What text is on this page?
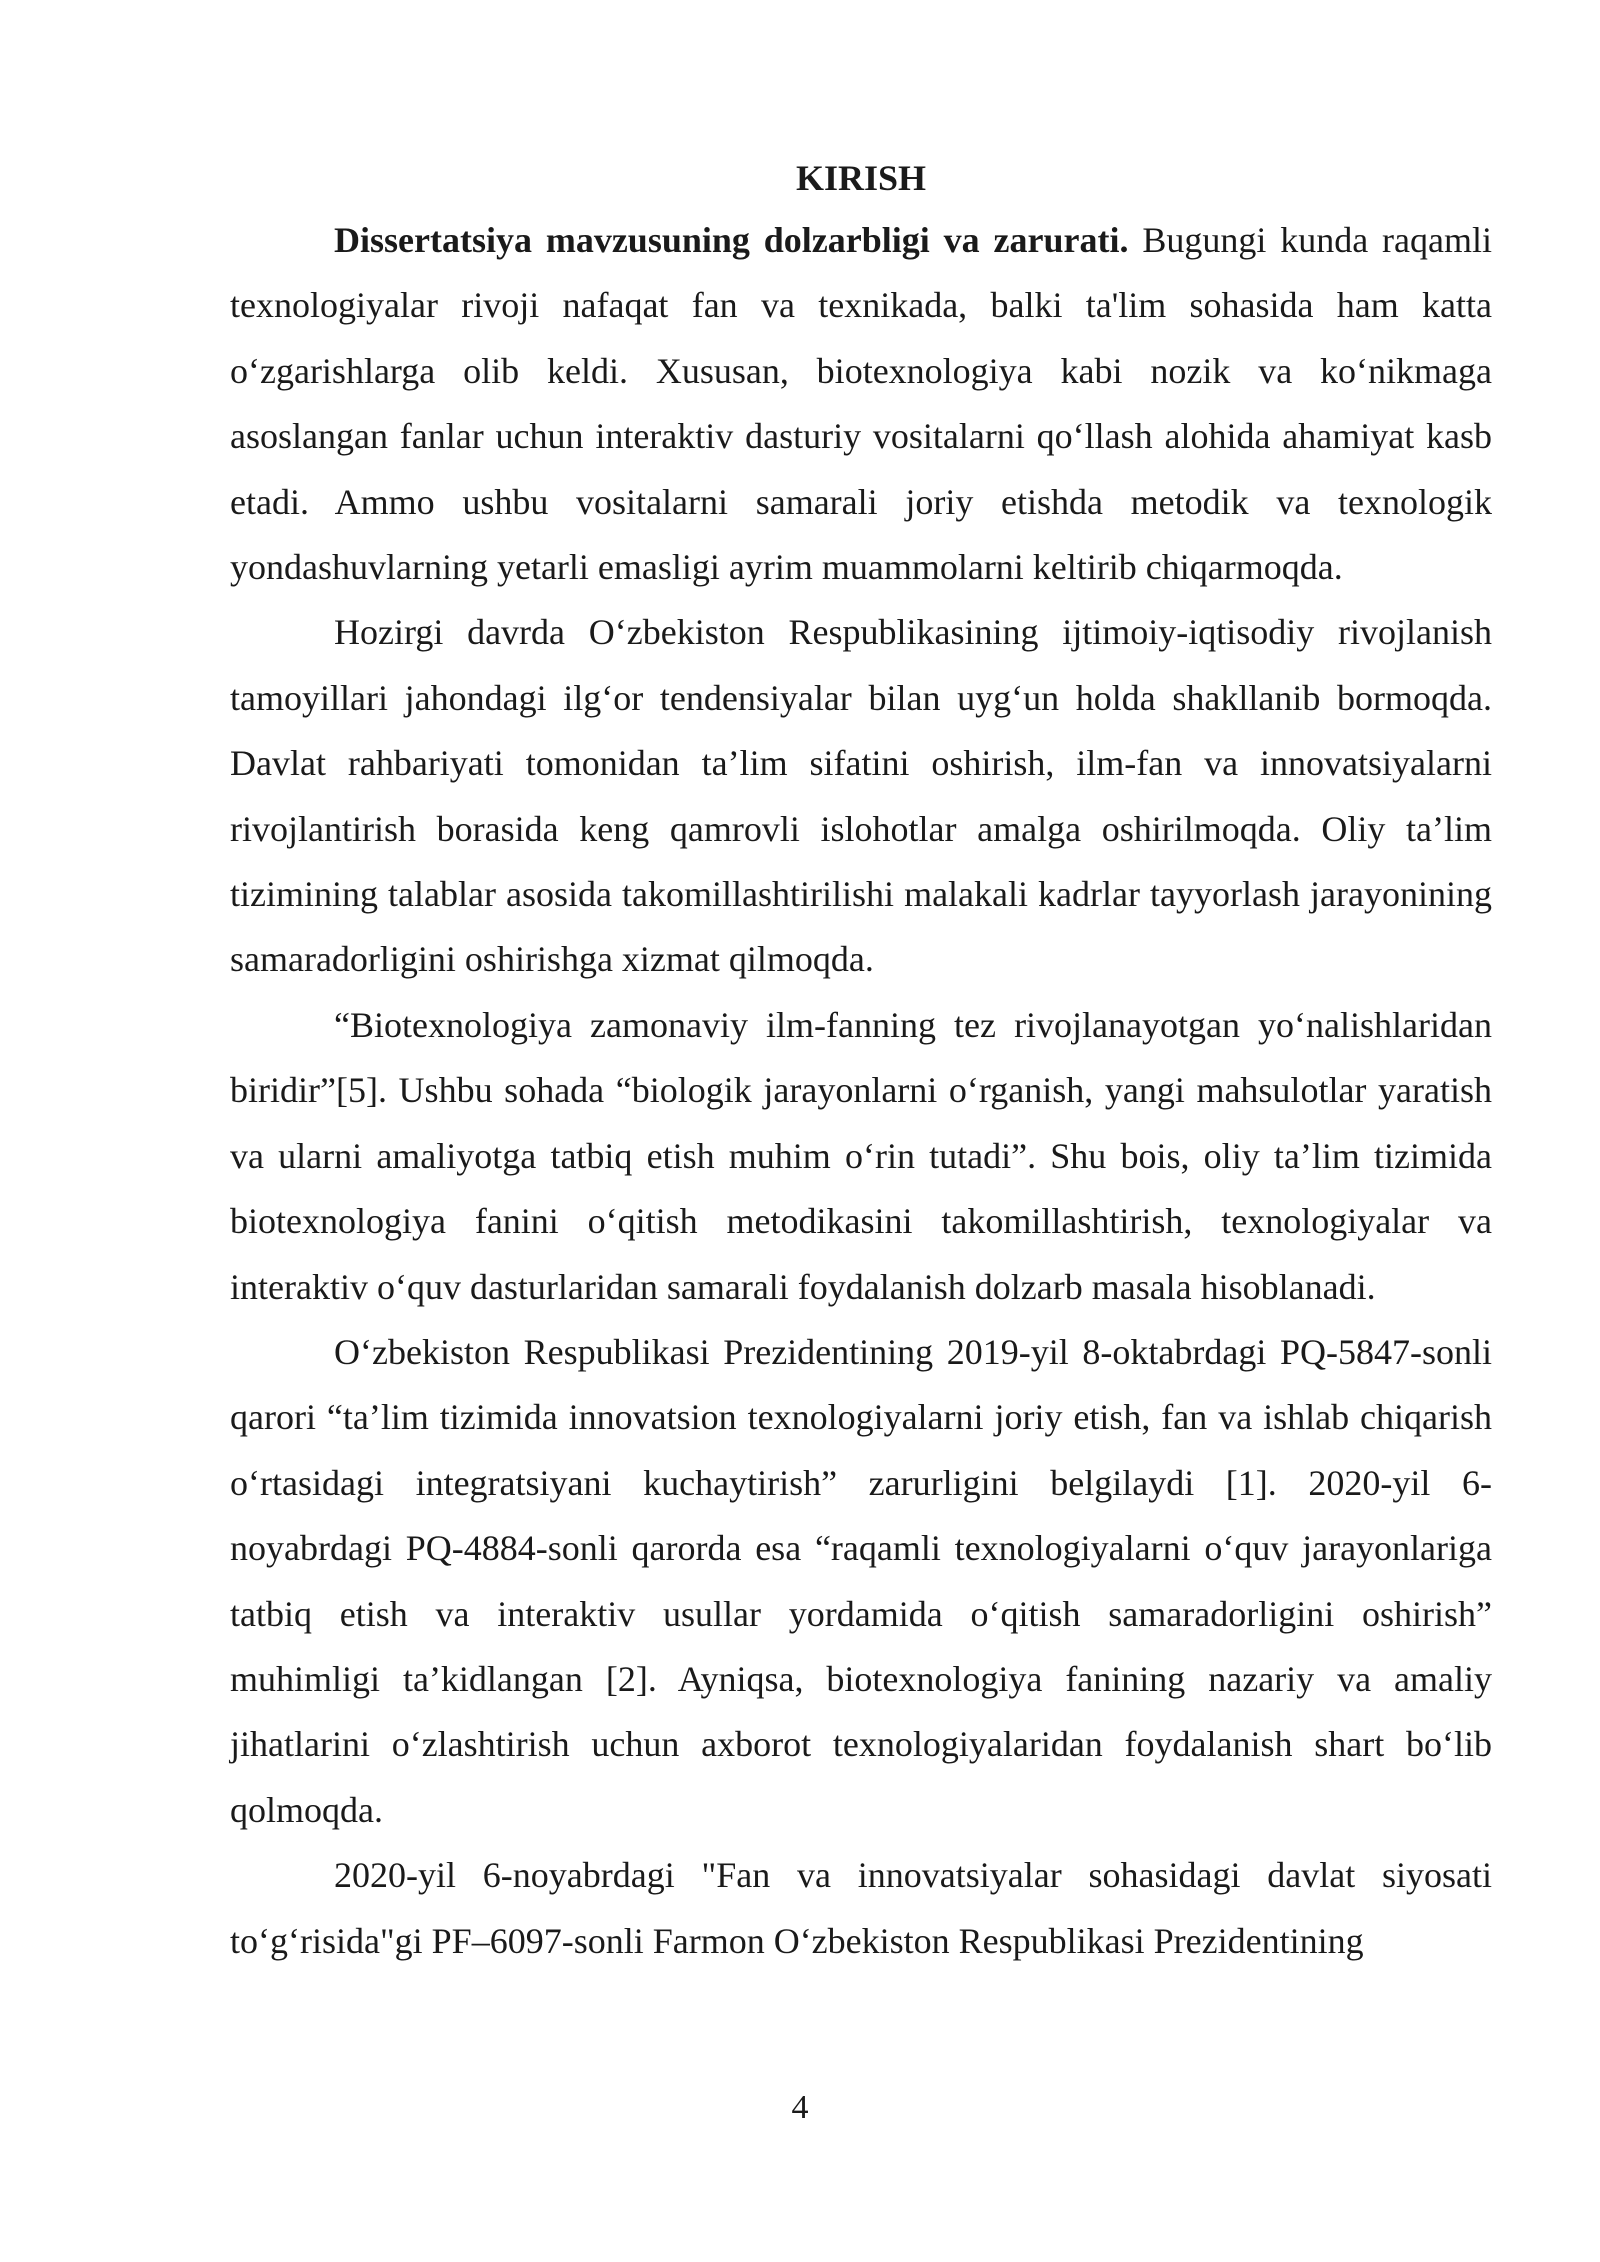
KIRISH

Dissertatsiya mavzusuning dolzarbligi va zarurati. Bugungi kunda raqamli texnologiyalar rivoji nafaqat fan va texnikada, balki ta'lim sohasida ham katta o‘zgarishlarga olib keldi. Xususan, biotexnologiya kabi nozik va ko‘nikmaga asoslangan fanlar uchun interaktiv dasturiy vositalarni qo‘llash alohida ahamiyat kasb etadi. Ammo ushbu vositalarni samarali joriy etishda metodik va texnologik yondashuvlarning yetarli emasligi ayrim muammolarni keltirib chiqarmoqda.

Hozirgi davrda O‘zbekiston Respublikasining ijtimoiy-iqtisodiy rivojlanish tamoyillari jahondagi ilg‘or tendensiyalar bilan uyg‘un holda shakllanib bormoqda. Davlat rahbariyati tomonidan ta’lim sifatini oshirish, ilm-fan va innovatsiyalarni rivojlantirish borasida keng qamrovli islohotlar amalga oshirilmoqda. Oliy ta’lim tizimining talablar asosida takomillashtirilishi malakali kadrlar tayyorlash jarayonining samaradorligini oshirishga xizmat qilmoqda.

“Biotexnologiya zamonaviy ilm-fanning tez rivojlanayotgan yo‘nalishlaridan biridir”[5]. Ushbu sohada “biologik jarayonlarni o‘rganish, yangi mahsulotlar yaratish va ularni amaliyotga tatbiq etish muhim o‘rin tutadi”. Shu bois, oliy ta’lim tizimida biotexnologiya fanini o‘qitish metodikasini takomillashtirish, texnologiyalar va interaktiv o‘quv dasturlaridan samarali foydalanish dolzarb masala hisoblanadi.

O‘zbekiston Respublikasi Prezidentining 2019-yil 8-oktabrdagi PQ-5847-sonli qarori “ta’lim tizimida innovatsion texnologiyalarni joriy etish, fan va ishlab chiqarish o‘rtasidagi integratsiyani kuchaytirish” zarurligini belgilaydi [1]. 2020-yil 6-noyabrdagi PQ-4884-sonli qarorda esa “raqamli texnologiyalarni o‘quv jarayonlariga tatbiq etish va interaktiv usullar yordamida o‘qitish samaradorligini oshirish” muhimligi ta’kidlangan [2]. Ayniqsa, biotexnologiya fanining nazariy va amaliy jihatlarini o‘zlashtirish uchun axborot texnologiyalaridan foydalanish shart bo‘lib qolmoqda.

2020-yil 6-noyabrdagi "Fan va innovatsiyalar sohasidagi davlat siyosati to‘g‘risida"gi PF–6097-sonli Farmon O‘zbekiston Respublikasi Prezidentining

4
